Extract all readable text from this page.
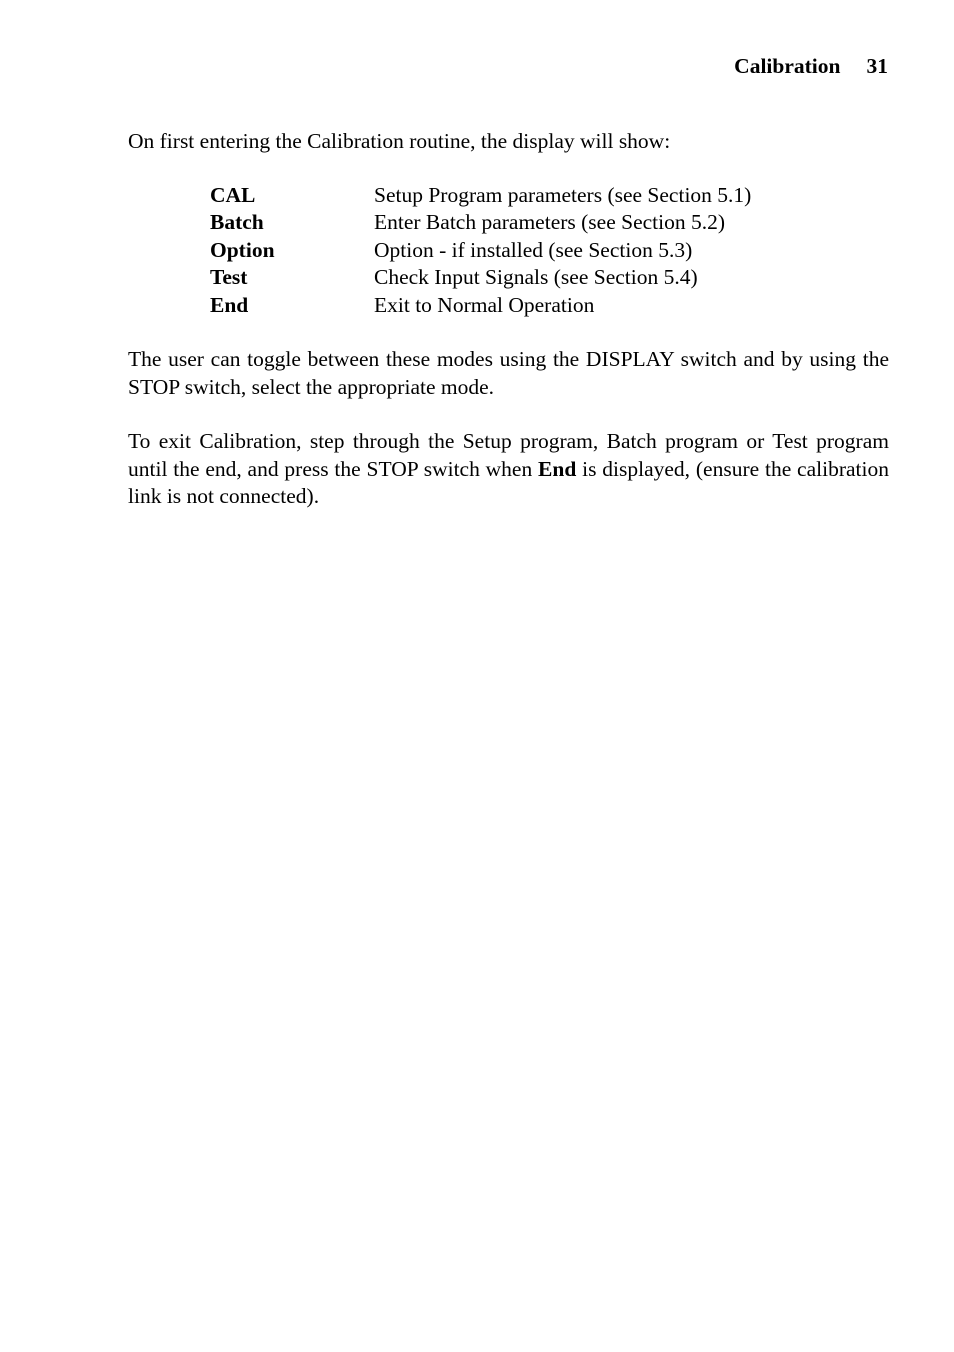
Calibration 31
On first entering the Calibration routine, the display will show:
CAL	Setup Program parameters (see Section 5.1)
Batch	Enter Batch parameters (see Section 5.2)
Option	Option - if installed (see Section 5.3)
Test	Check Input Signals (see Section 5.4)
End	Exit to Normal Operation
The user can toggle between these modes using the DISPLAY switch and by using the STOP switch, select the appropriate mode.
To exit Calibration, step through the Setup program, Batch program or Test program until the end, and press the STOP switch when End is displayed, (ensure the calibration link is not connected).
